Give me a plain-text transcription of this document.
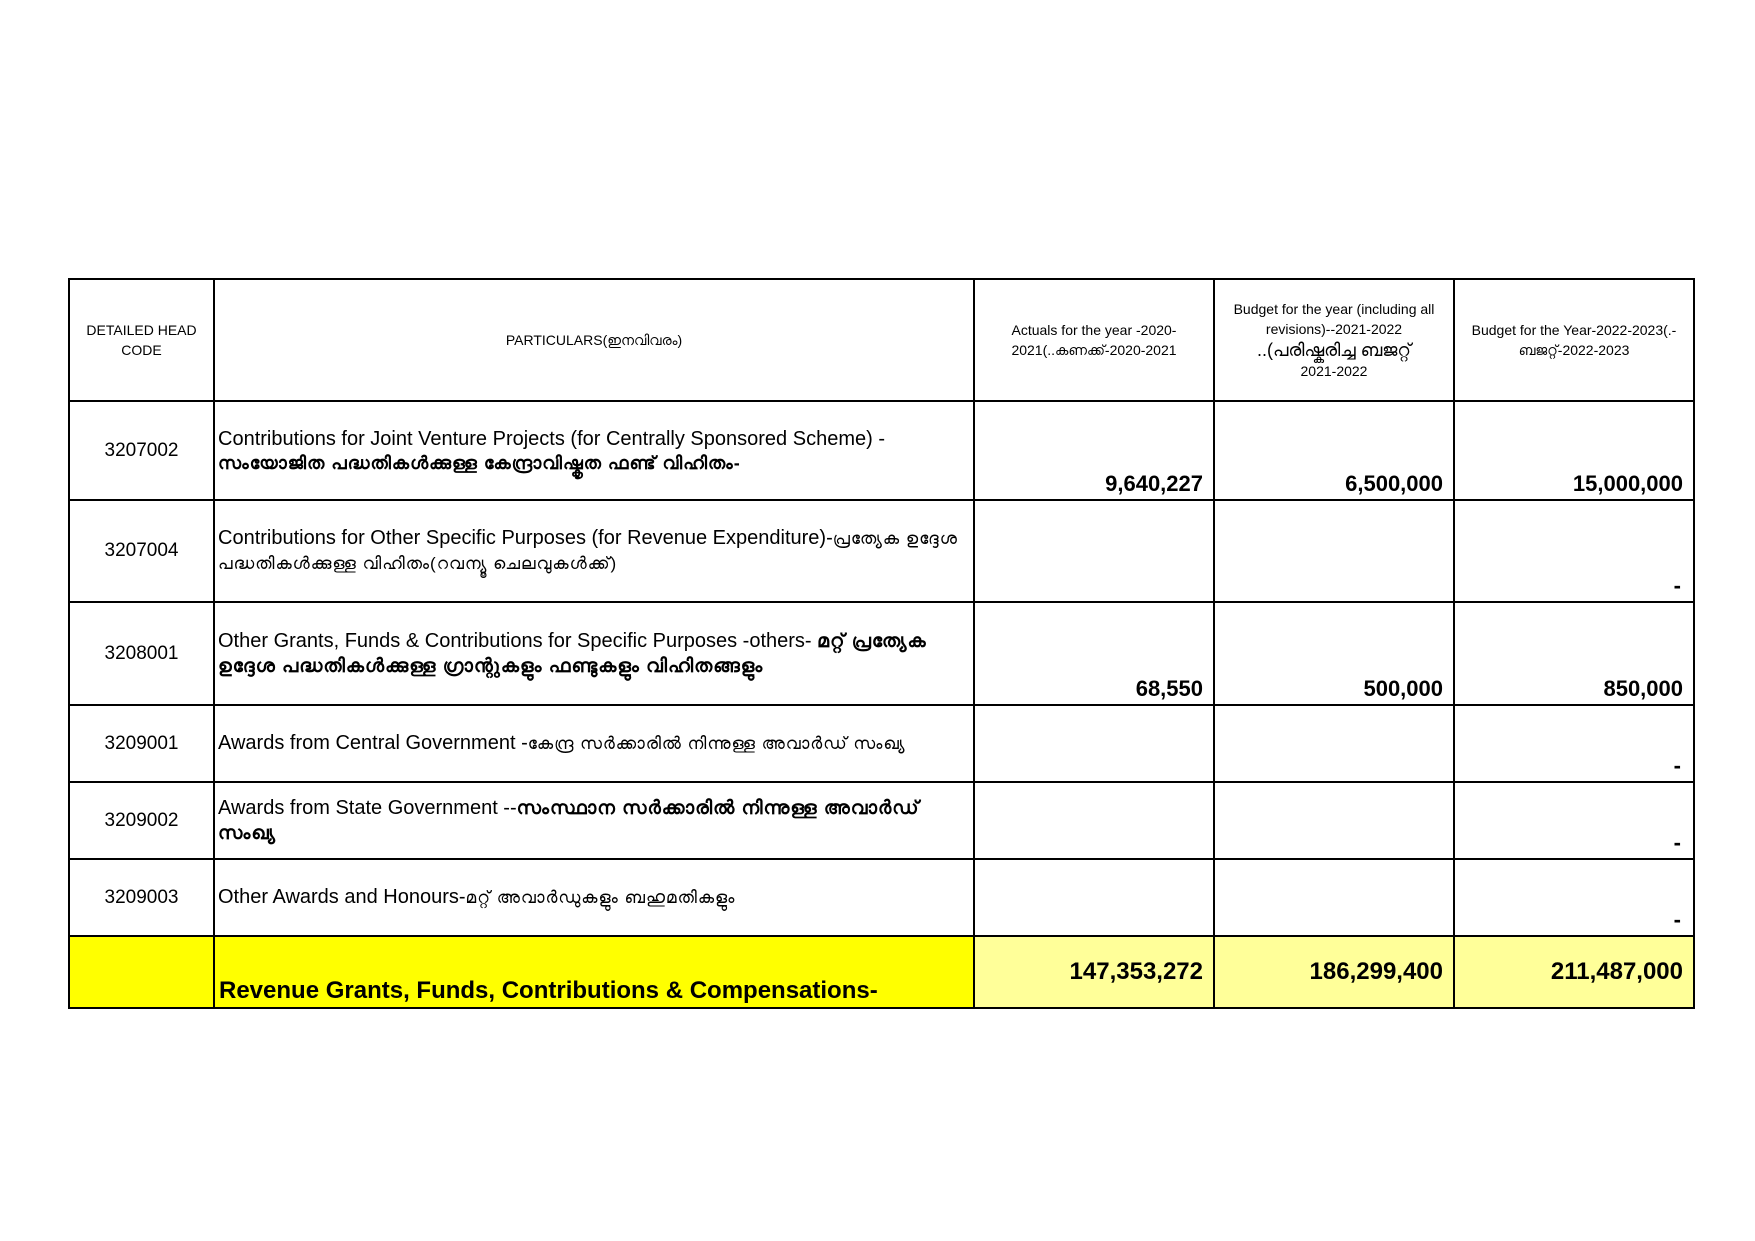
DETAILED HEAD CODE	PARTICULARS(ഇനവിവരം)	Actuals for the year -2020-2021(..കണക്ക്-2020-2021	Budget for the year (including all revisions)--2021-2022
..(പരിഷ്കരിച്ച ബജറ്റ്
2021-2022	Budget for the Year-2022-2023(.-ബജറ്റ്-2022-2023
3207002	Contributions for Joint Venture Projects (for Centrally Sponsored Scheme) -
സംയോജിത പദ്ധതികൾക്കുള്ള കേന്ദ്രാവിഷ്കൃത ഫണ്ട് വിഹിതം-	9,640,227	6,500,000	15,000,000
3207004	Contributions for Other Specific Purposes (for Revenue Expenditure)-പ്രത്യേക ഉദ്ദേശ പദ്ധതികൾക്കുള്ള വിഹിതം(റവന്യൂ ചെലവുകൾക്ക്)			-
3208001	Other Grants, Funds & Contributions for Specific Purposes -others- മറ്റ് പ്രത്യേക ഉദ്ദേശ പദ്ധതികൾക്കുള്ള ഗ്രാന്റുകളും ഫണ്ടുകളും വിഹിതങ്ങളും	68,550	500,000	850,000
3209001	Awards from Central Government -കേന്ദ്ര സർക്കാരിൽ നിന്നുള്ള അവാർഡ് സംഖ്യ			-
3209002	Awards from State Government --സംസ്ഥാന സർക്കാരിൽ നിന്നുള്ള അവാർഡ് സംഖ്യ			-
3209003	Other Awards and Honours-മറ്റ് അവാർഡുകളും ബഹുമതികളും			-
	Revenue Grants, Funds, Contributions & Compensations-	147,353,272	186,299,400	211,487,000
